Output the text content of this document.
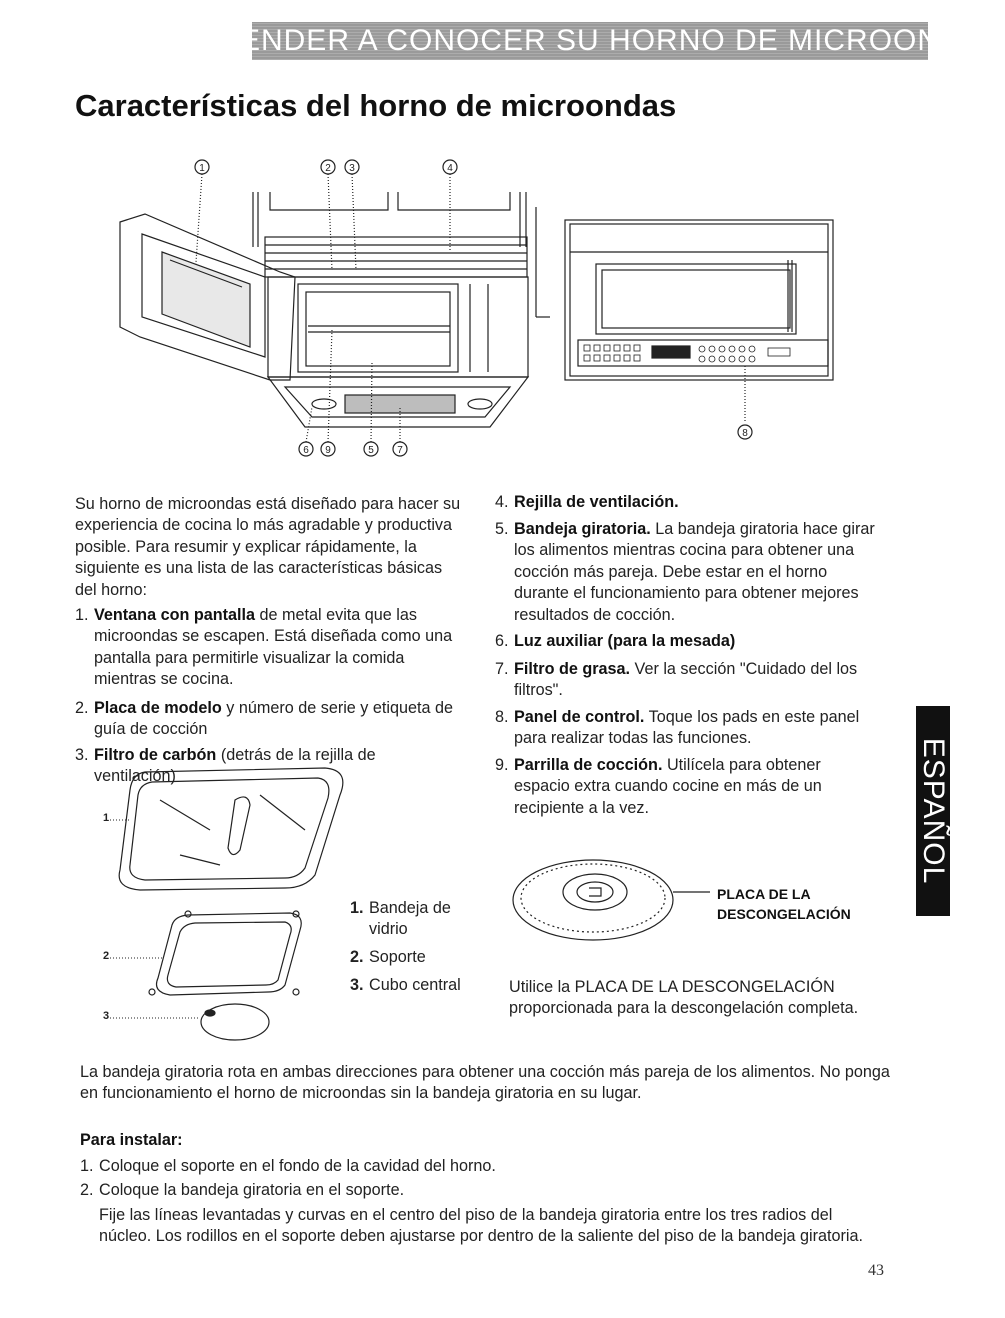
APRENDER A CONOCER SU HORNO DE MICROONDAS
Características del horno de microondas
1	2 3	4
6 9	5 7
8

Su horno de microondas está diseñado para hacer su experiencia de cocina lo más agradable y productiva posible. Para resumir y explicar rápidamente, la siguiente es una lista de las características básicas del horno:

1. Ventana con pantalla de metal evita que las microondas se escapen. Está diseñada como una pantalla para permitirle visualizar la comida mientras se cocina.
2. Placa de modelo y número de serie y etiqueta de guía de cocción
3. Filtro de carbón (detrás de la rejilla de ventilación)
4. Rejilla de ventilación.
5. Bandeja giratoria. La bandeja giratoria hace girar los alimentos mientras cocina para obtener una cocción más pareja. Debe estar en el horno durante el funcionamiento para obtener mejores resultados de cocción.
6. Luz auxiliar (para la mesada)
7. Filtro de grasa. Ver la sección "Cuidado del los filtros".
8. Panel de control. Toque los pads en este panel para realizar todas las funciones.
9. Parrilla de cocción. Utilícela para obtener espacio extra cuando cocine en más de un recipiente a la vez.
1
2
3
1. Bandeja de vidrio
2. Soporte
3. Cubo central
PLACA DE LA
DESCONGELACIÓN

Utilice la PLACA DE LA DESCONGELACIÓN proporcionada para la descongelación completa.

La bandeja giratoria rota en ambas direcciones para obtener una cocción más pareja de los alimentos. No ponga en funcionamiento el horno de microondas sin la bandeja giratoria en su lugar.

Para instalar:

1. Coloque el soporte en el fondo de la cavidad del horno.
2. Coloque la bandeja giratoria en el soporte.

Fije las líneas levantadas y curvas en el centro del piso de la bandeja giratoria entre los tres radios del núcleo. Los rodillos en el soporte deben ajustarse por dentro de la saliente del piso de la bandeja giratoria.

ESPAÑOL
43
